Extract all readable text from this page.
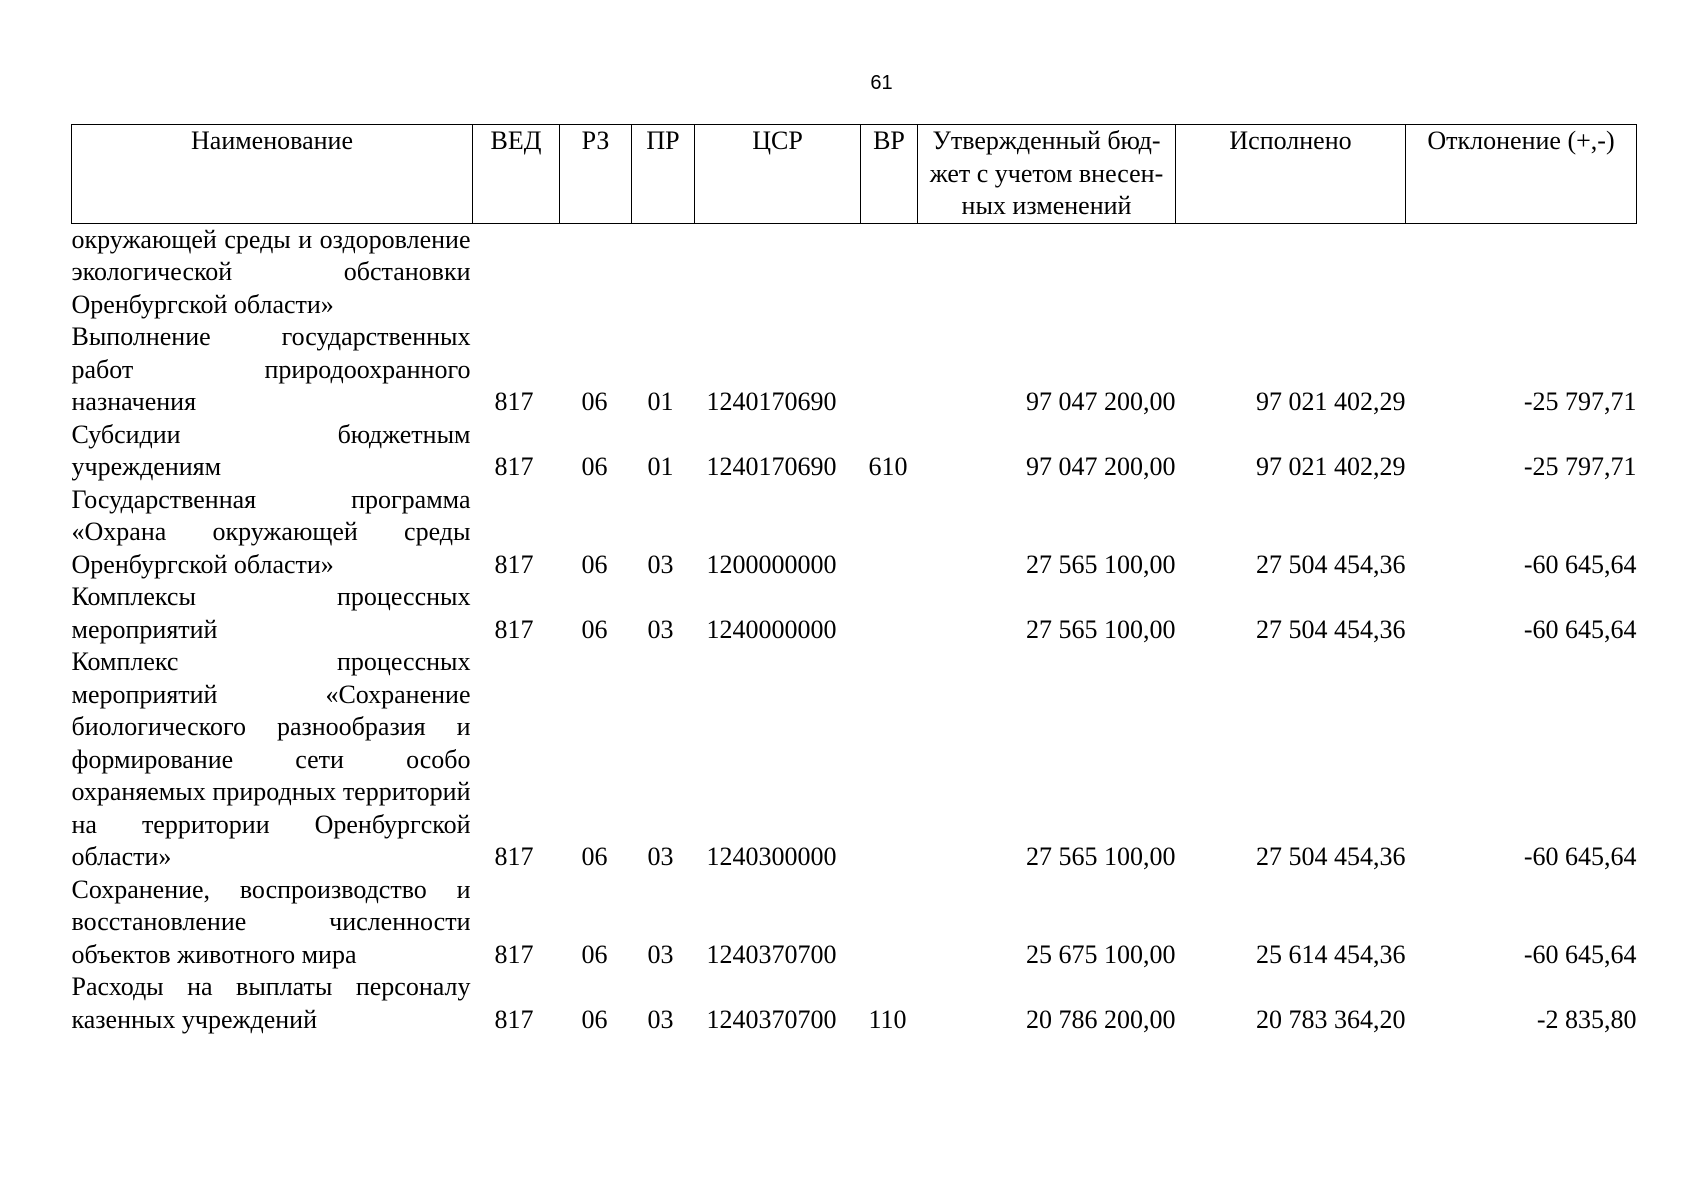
61
Наименование	ВЕД	РЗ	ПР	ЦСР	ВР	Утвержденный бюд-жет с учетом внесен-ных изменений	Исполнено	Отклонение (+,-)
окружающей среды и оздоровление экологической обстановки Оренбургской области»								
Выполнение государственных работ природоохранного назначения	817	06	01	1240170690		97 047 200,00	97 021 402,29	-25 797,71
Субсидии бюджетным учреждениям	817	06	01	1240170690	610	97 047 200,00	97 021 402,29	-25 797,71
Государственная программа «Охрана окружающей среды Оренбургской области»	817	06	03	1200000000		27 565 100,00	27 504 454,36	-60 645,64
Комплексы процессных мероприятий	817	06	03	1240000000		27 565 100,00	27 504 454,36	-60 645,64
Комплекс процессных мероприятий «Сохранение биологического разнообразия и формирование сети особо охраняемых природных территорий на территории Оренбургской области»	817	06	03	1240300000		27 565 100,00	27 504 454,36	-60 645,64
Сохранение, воспроизводство и восстановление численности объектов животного мира	817	06	03	1240370700		25 675 100,00	25 614 454,36	-60 645,64
Расходы на выплаты персоналу казенных учреждений	817	06	03	1240370700	110	20 786 200,00	20 783 364,20	-2 835,80
